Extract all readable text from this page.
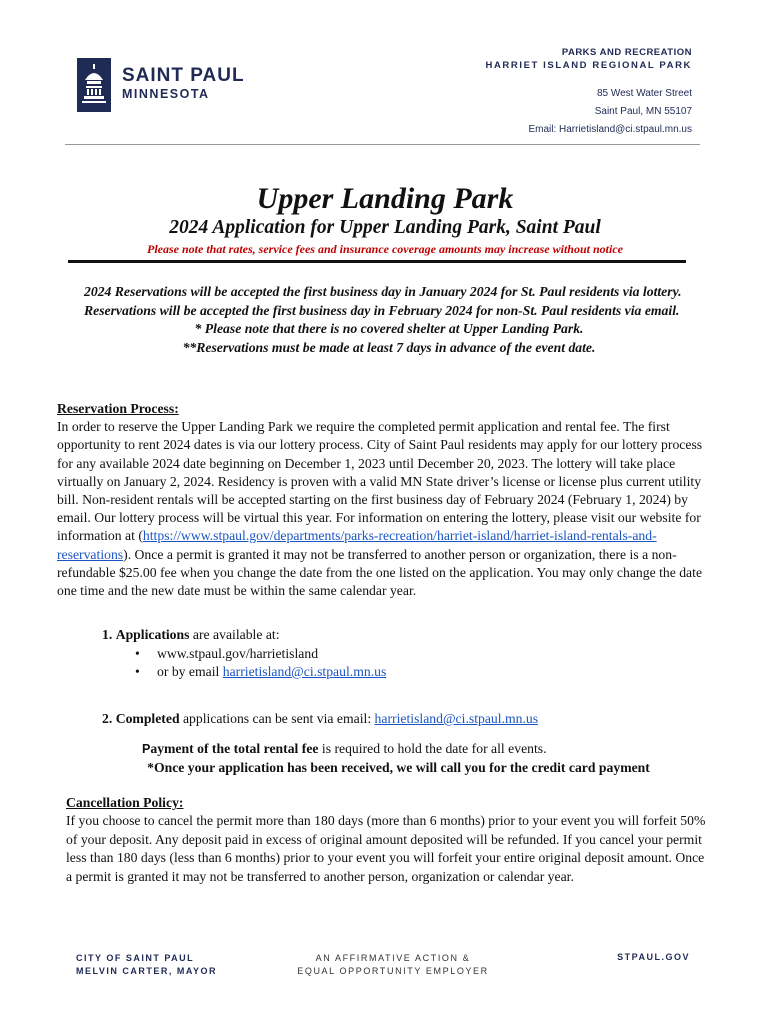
SAINT PAUL
MINNESOTA
PARKS AND RECREATION
HARRIET ISLAND REGIONAL PARK
85 West Water Street
Saint Paul, MN 55107
Email: Harrietisland@ci.stpaul.mn.us
Upper Landing Park
2024 Application for Upper Landing Park, Saint Paul
Please note that rates, service fees and insurance coverage amounts may increase without notice
2024 Reservations will be accepted the first business day in January 2024 for St. Paul residents via lottery. Reservations will be accepted the first business day in February 2024 for non-St. Paul residents via email.
* Please note that there is no covered shelter at Upper Landing Park.
**Reservations must be made at least 7 days in advance of the event date.
Reservation Process:
In order to reserve the Upper Landing Park we require the completed permit application and rental fee. The first opportunity to rent 2024 dates is via our lottery process. City of Saint Paul residents may apply for our lottery process for any available 2024 date beginning on December 1, 2023 until December 20, 2023. The lottery will take place virtually on January 2, 2024. Residency is proven with a valid MN State driver’s license or license plus current utility bill. Non-resident rentals will be accepted starting on the first business day of February 2024 (February 1, 2024) by email. Our lottery process will be virtual this year. For information on entering the lottery, please visit our website for information at (https://www.stpaul.gov/departments/parks-recreation/harriet-island/harriet-island-rentals-and-reservations). Once a permit is granted it may not be transferred to another person or organization, there is a non-refundable $25.00 fee when you change the date from the one listed on the application. You may only change the date one time and the new date must be within the same calendar year.
1. Applications are available at:
• www.stpaul.gov/harrietisland
• or by email harrietisland@ci.stpaul.mn.us
2. Completed applications can be sent via email: harrietisland@ci.stpaul.mn.us
Payment of the total rental fee is required to hold the date for all events.
*Once your application has been received, we will call you for the credit card payment
Cancellation Policy:
If you choose to cancel the permit more than 180 days (more than 6 months) prior to your event you will forfeit 50% of your deposit. Any deposit paid in excess of original amount deposited will be refunded. If you cancel your permit less than 180 days (less than 6 months) prior to your event you will forfeit your entire original deposit amount. Once a permit is granted it may not be transferred to another person, organization or calendar year.
CITY OF SAINT PAUL
MELVIN CARTER, MAYOR
AN AFFIRMATIVE ACTION &
EQUAL OPPORTUNITY EMPLOYER
STPAUL.GOV
